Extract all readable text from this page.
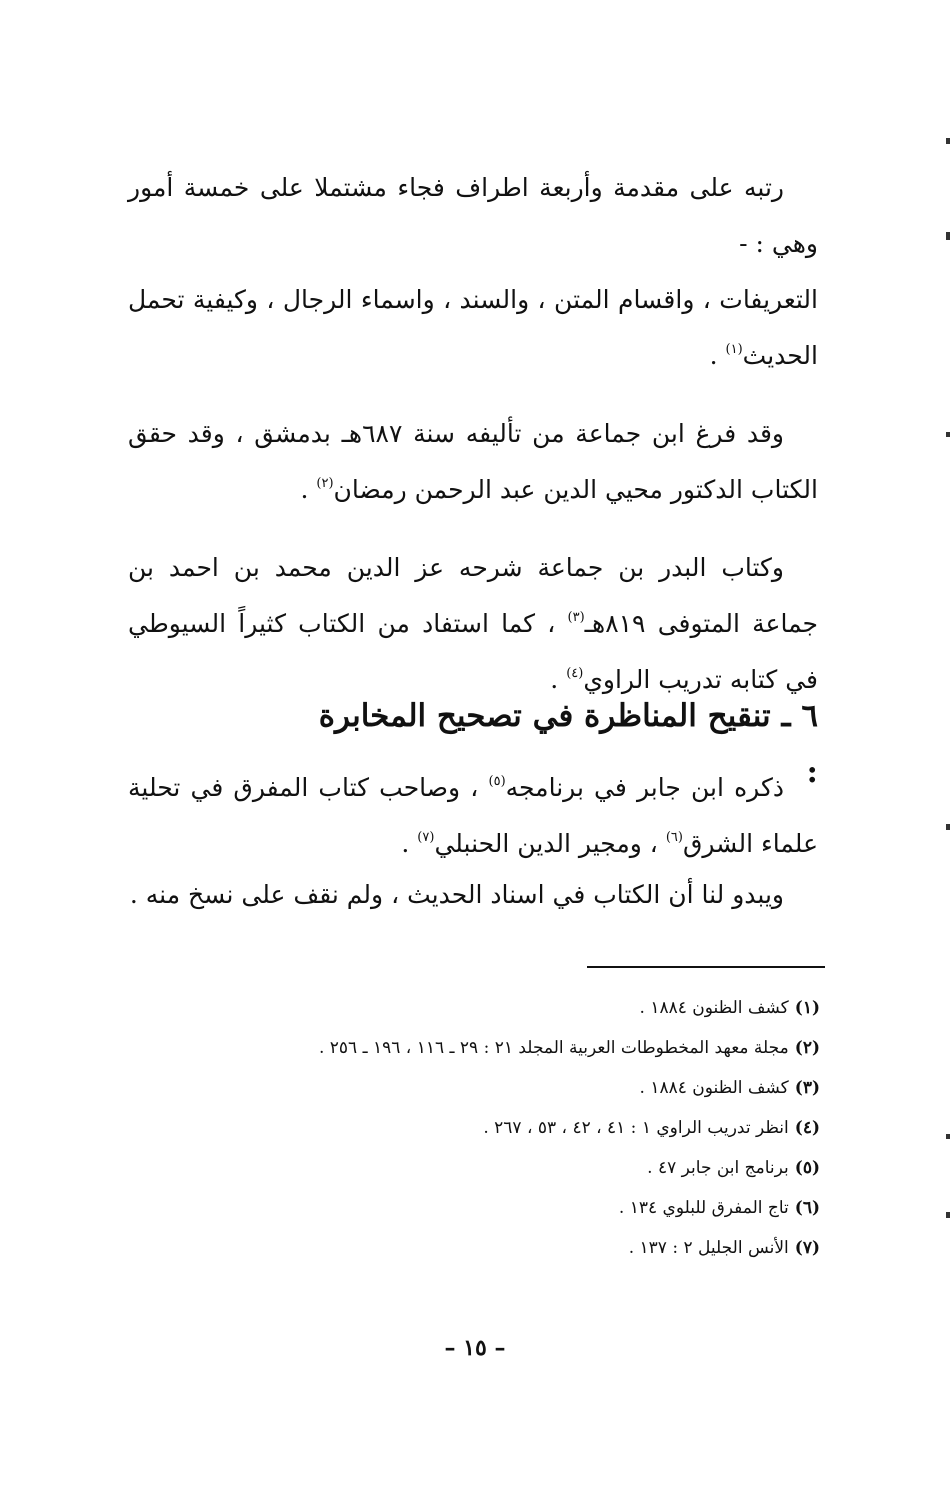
رتبه على مقدمة وأربعة اطراف فجاء مشتملا على خمسة أمور وهي : -

التعريفات ، واقسام المتن ، والسند ، واسماء الرجال ، وكيفية تحمل الحديث$^{(١)}$ .

وقد فرغ ابن جماعة من تأليفه سنة ٦٨٧هـ بدمشق ، وقد حقق الكتاب الدكتور محيي الدين عبد الرحمن رمضان$^{(٢)}$ .

وكتاب البدر بن جماعة شرحه عز الدين محمد بن احمد بن جماعة المتوفى ٨١٩هـ$^{(٣)}$ ، كما استفاد من الكتاب كثيراً السيوطي في كتابه تدريب الراوي$^{(٤)}$ .

٦ ـ تنقيح المناظرة في تصحيح المخابرة :

ذكره ابن جابر في برنامجه$^{(٥)}$ ، وصاحب كتاب المفرق في تحلية علماء الشرق$^{(٦)}$ ، ومجير الدين الحنبلي$^{(٧)}$ .

ويبدو لنا أن الكتاب في اسناد الحديث ، ولم نقف على نسخ منه .

(١)كشف الظنون ١٨٨٤ .

(٢)مجلة معهد المخطوطات العربية المجلد ٢١ : ٢٩ ـ ١١٦ ، ١٩٦ ـ ٢٥٦ .

(٣)كشف الظنون ١٨٨٤ .

(٤)انظر تدريب الراوي ١ : ٤١ ، ٤٢ ، ٥٣ ، ٢٦٧ .

(٥)برنامج ابن جابر ٤٧ .

(٦)تاج المفرق للبلوي ١٣٤ .

(٧)الأنس الجليل ٢ : ١٣٧ .

– ١٥ –
